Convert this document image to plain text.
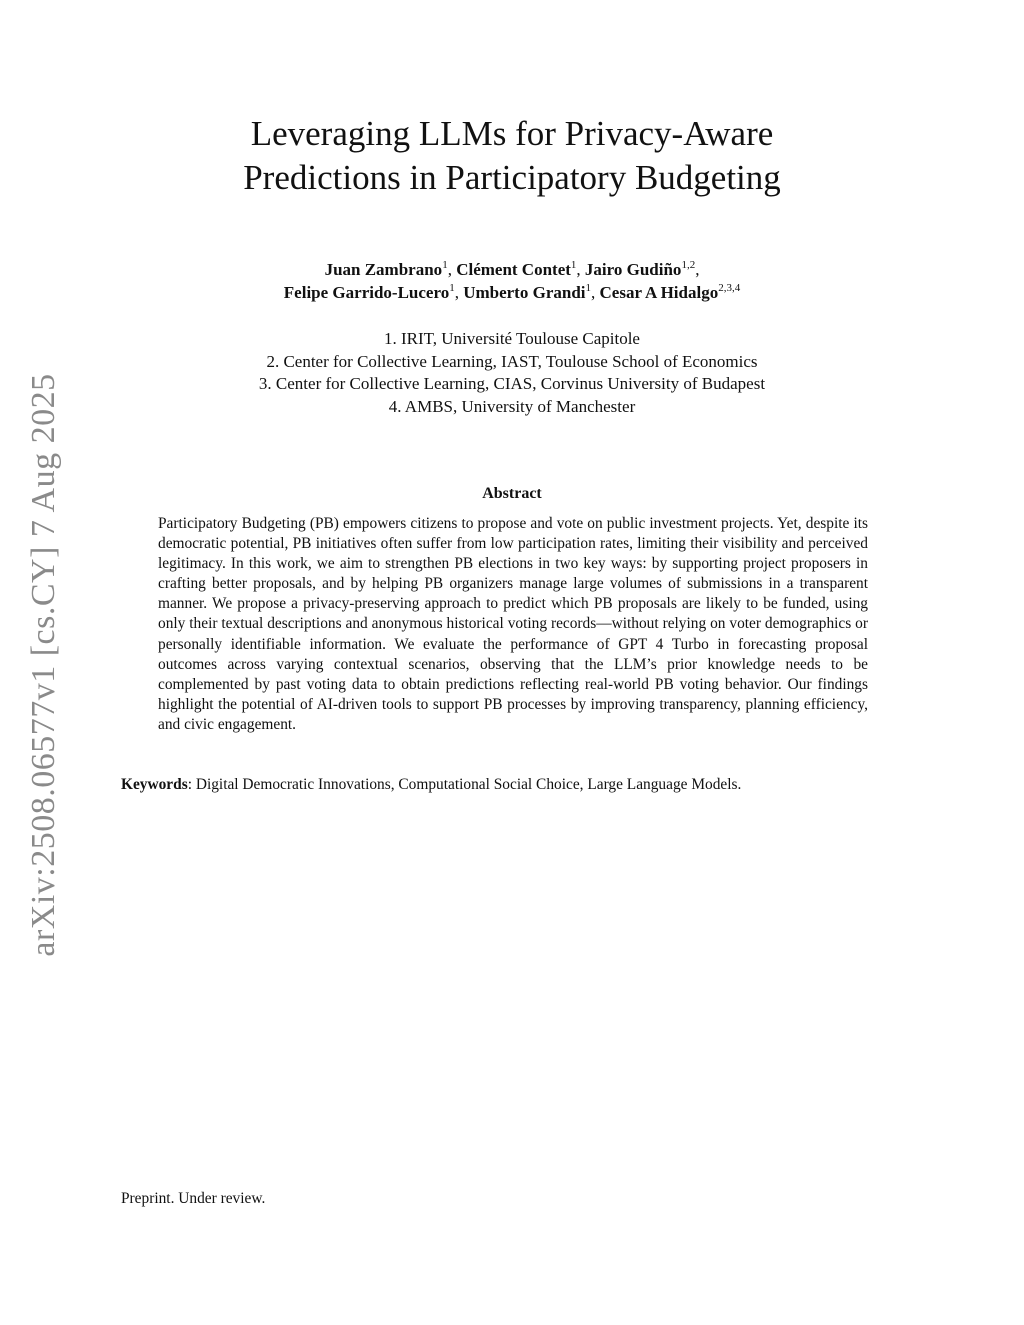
arXiv:2508.06577v1 [cs.CY] 7 Aug 2025
Leveraging LLMs for Privacy-Aware
Predictions in Participatory Budgeting
Juan Zambrano$^1$, Clément Contet$^1$, Jairo Gudiño$^{1,2}$,
Felipe Garrido-Lucero$^1$, Umberto Grandi$^1$, Cesar A Hidalgo$^{2,3,4}$
1. IRIT, Université Toulouse Capitole
2. Center for Collective Learning, IAST, Toulouse School of Economics
3. Center for Collective Learning, CIAS, Corvinus University of Budapest
4. AMBS, University of Manchester
Abstract
Participatory Budgeting (PB) empowers citizens to propose and vote on public investment projects. Yet, despite its democratic potential, PB initiatives often suffer from low participation rates, limiting their visibility and perceived legitimacy. In this work, we aim to strengthen PB elections in two key ways: by supporting project proposers in crafting better proposals, and by helping PB organizers manage large volumes of submissions in a transparent manner. We propose a privacy-preserving approach to predict which PB proposals are likely to be funded, using only their textual descriptions and anonymous historical voting records—without relying on voter demographics or personally identifiable information. We evaluate the performance of GPT 4 Turbo in forecasting proposal outcomes across varying contextual scenarios, observing that the LLM’s prior knowledge needs to be complemented by past voting data to obtain predictions reflecting real-world PB voting behavior. Our findings highlight the potential of AI-driven tools to support PB processes by improving transparency, planning efficiency, and civic engagement.
Keywords: Digital Democratic Innovations, Computational Social Choice, Large Language Models.
Preprint. Under review.
